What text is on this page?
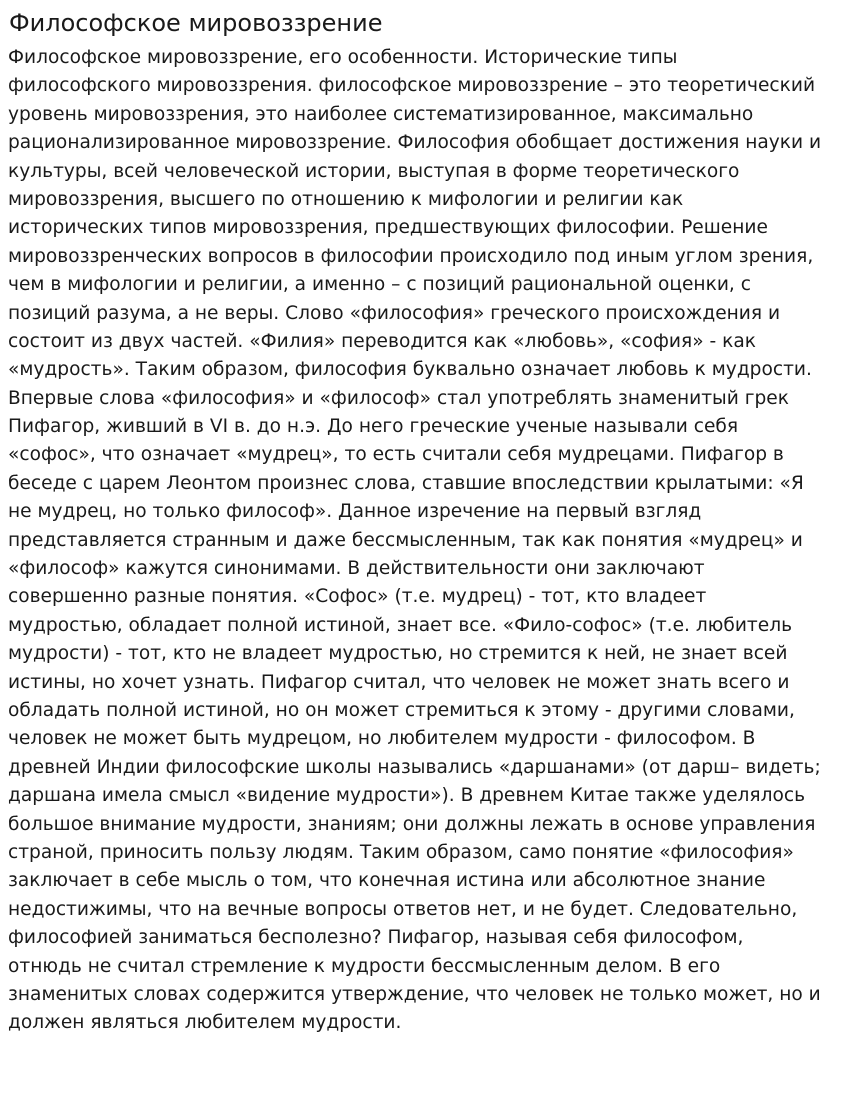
Философское мировоззрение
Философское мировоззрение, его особенности. Исторические типы
философского мировоззрения. философское мировоззрение – это теоретический
уровень мировоззрения, это наиболее систематизированное, максимально
рационализированное мировоззрение. Философия обобщает достижения науки и
культуры, всей человеческой истории, выступая в форме теоретического
мировоззрения, высшего по отношению к мифологии и религии как
исторических типов мировоззрения, предшествующих философии. Решение
мировоззренческих вопросов в философии происходило под иным углом зрения,
чем в мифологии и религии, а именно – с позиций рациональной оценки, с
позиций разума, а не веры. Слово «философия» греческого происхождения и
состоит из двух частей. «Филия» переводится как «любовь», «софия» - как
«мудрость». Таким образом, философия буквально означает любовь к мудрости.
Впервые слова «философия» и «философ» стал употреблять знаменитый грек
Пифагор, живший в VI в. до н.э. До него греческие ученые называли себя
«софос», что означает «мудрец», то есть считали себя мудрецами. Пифагор в
беседе с царем Леонтом произнес слова, ставшие впоследствии крылатыми: «Я
не мудрец, но только философ». Данное изречение на первый взгляд
представляется странным и даже бессмысленным, так как понятия «мудрец» и
«философ» кажутся синонимами. В действительности они заключают
совершенно разные понятия. «Софос» (т.е. мудрец) - тот, кто владеет
мудростью, обладает полной истиной, знает все. «Фило-софос» (т.е. любитель
мудрости) - тот, кто не владеет мудростью, но стремится к ней, не знает всей
истины, но хочет узнать. Пифагор считал, что человек не может знать всего и
обладать полной истиной, но он может стремиться к этому - другими словами,
человек не может быть мудрецом, но любителем мудрости - философом. В
древней Индии философские школы назывались «даршанами» (от дарш– видеть;
даршана имела смысл «видение мудрости»). В древнем Китае также уделялось
большое внимание мудрости, знаниям; они должны лежать в основе управления
страной, приносить пользу людям. Таким образом, само понятие «философия»
заключает в себе мысль о том, что конечная истина или абсолютное знание
недостижимы, что на вечные вопросы ответов нет, и не будет. Следовательно,
философией заниматься бесполезно? Пифагор, называя себя философом,
отнюдь не считал стремление к мудрости бессмысленным делом. В его
знаменитых словах содержится утверждение, что человек не только может, но и
должен являться любителем мудрости.
